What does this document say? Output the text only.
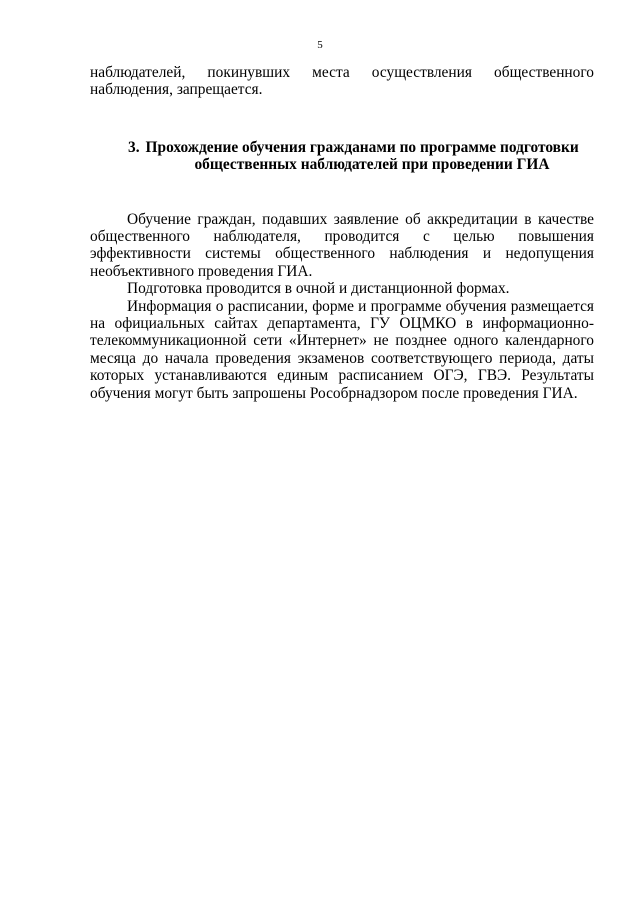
5

наблюдателей, покинувших места осуществления общественного наблюдения, запрещается.

3. Прохождение обучения гражданами по программе подготовки
общественных наблюдателей при проведении ГИА

Обучение граждан, подавших заявление об аккредитации в качестве общественного наблюдателя, проводится с целью повышения эффективности системы общественного наблюдения и недопущения необъективного проведения ГИА.

Подготовка проводится в очной и дистанционной формах.

Информация о расписании, форме и программе обучения размещается на официальных сайтах департамента, ГУ ОЦМКО в информационно-телекоммуникационной сети «Интернет» не позднее одного календарного месяца до начала проведения экзаменов соответствующего периода, даты которых устанавливаются единым расписанием ОГЭ, ГВЭ. Результаты обучения могут быть запрошены Рособрнадзором после проведения ГИА.
